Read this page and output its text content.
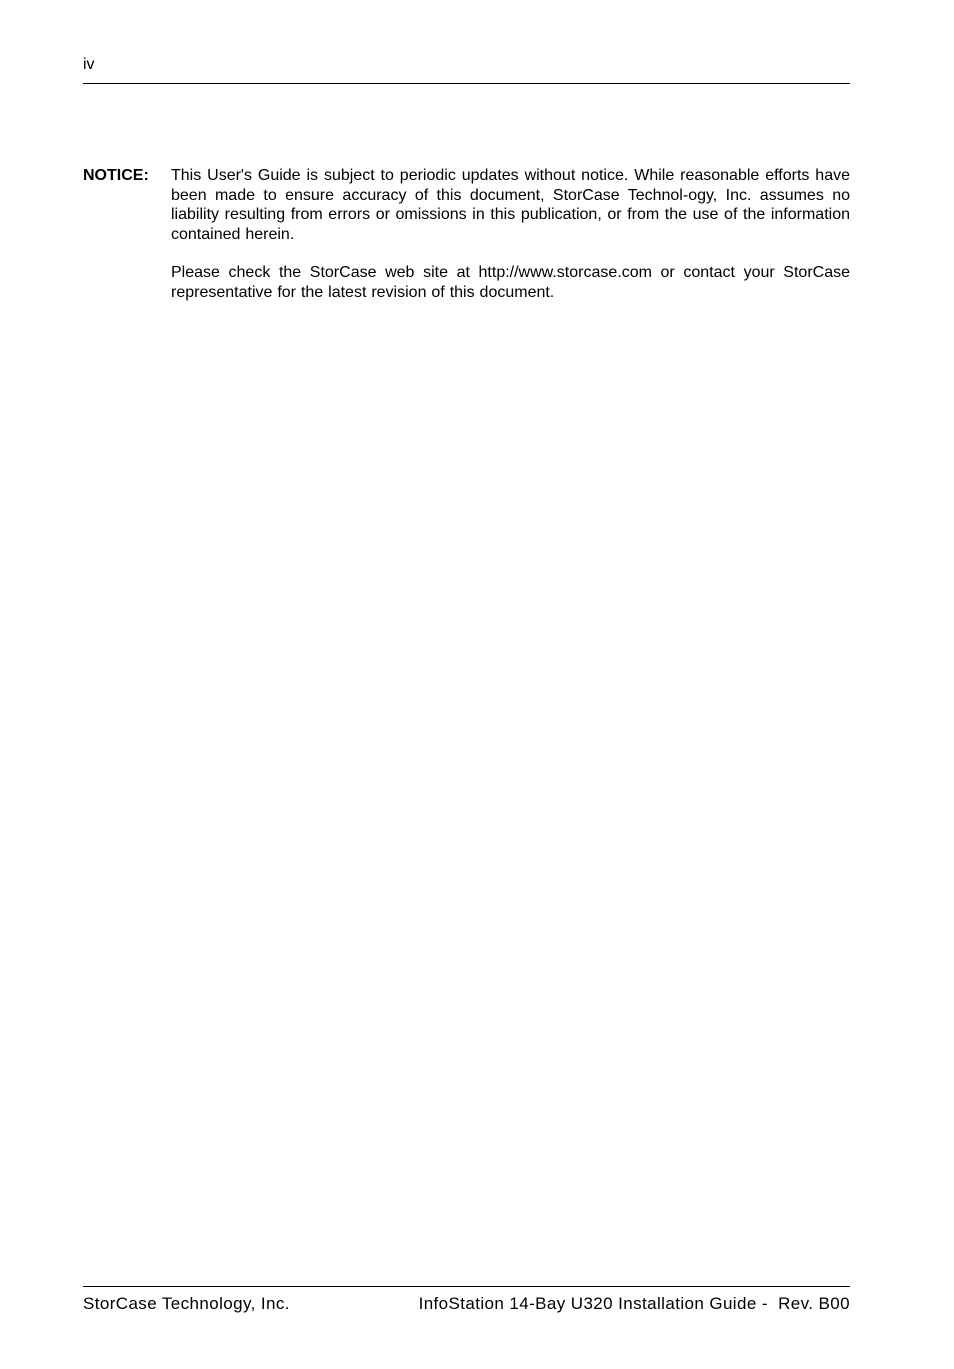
iv
NOTICE: This User's Guide is subject to periodic updates without notice. While reasonable efforts have been made to ensure accuracy of this document, StorCase Technol-ogy, Inc. assumes no liability resulting from errors or omissions in this publication, or from the use of the information contained herein.

Please check the StorCase web site at http://www.storcase.com or contact your StorCase representative for the latest revision of this document.

StorCase Technology, Inc.	InfoStation 14-Bay U320 Installation Guide -  Rev. B00
